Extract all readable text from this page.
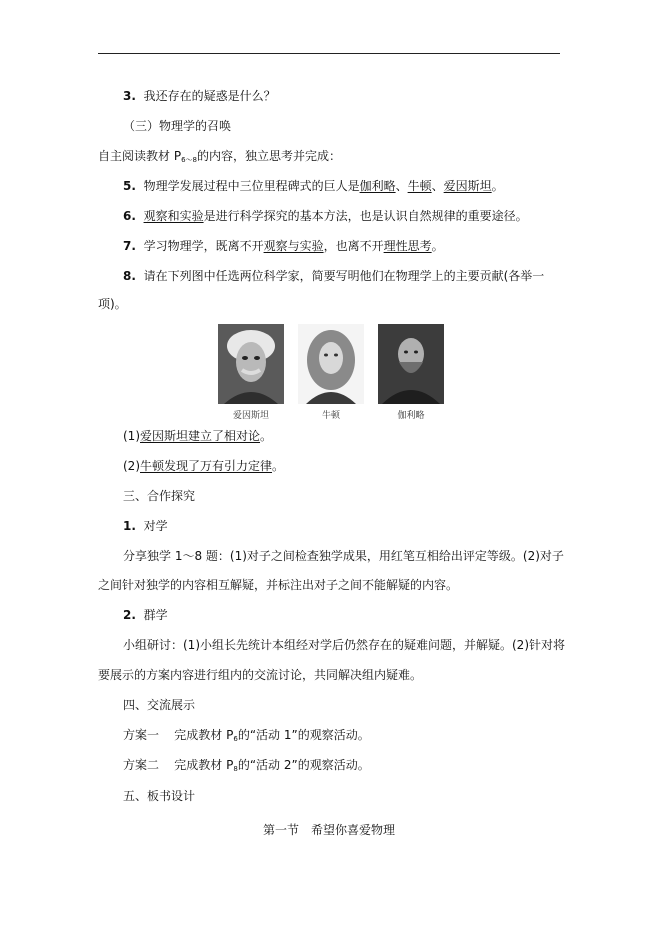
3. 我还存在的疑惑是什么？
（三）物理学的召唤
自主阅读教材 $P_{6\sim 8}$的内容，独立思考并完成：
5. 物理学发展过程中三位里程碑式的巨人是伽利略、牛顿、爱因斯坦。
6. 观察和实验是进行科学探究的基本方法，也是认识自然规律的重要途径。
7. 学习物理学，既离不开观察与实验，也离不开理性思考。
8. 请在下列图中任选两位科学家，简要写明他们在物理学上的主要贡献(各举一
项)。
爱因斯坦	牛顿	伽利略
(1)爱因斯坦建立了相对论。
(2)牛顿发现了万有引力定律。
三、合作探究
1. 对学
分享独学 1～8 题：(1)对子之间检查独学成果，用红笔互相给出评定等级。(2)对子
之间针对独学的内容相互解疑，并标注出对子之间不能解疑的内容。
2. 群学
小组研讨：(1)小组长先统计本组经对学后仍然存在的疑难问题，并解疑。(2)针对将
要展示的方案内容进行组内的交流讨论，共同解决组内疑难。
四、交流展示
方案一 完成教材 $P_6$的“活动 1”的观察活动。
方案二 完成教材 $P_8$的“活动 2”的观察活动。
五、板书设计
第一节　希望你喜爱物理
